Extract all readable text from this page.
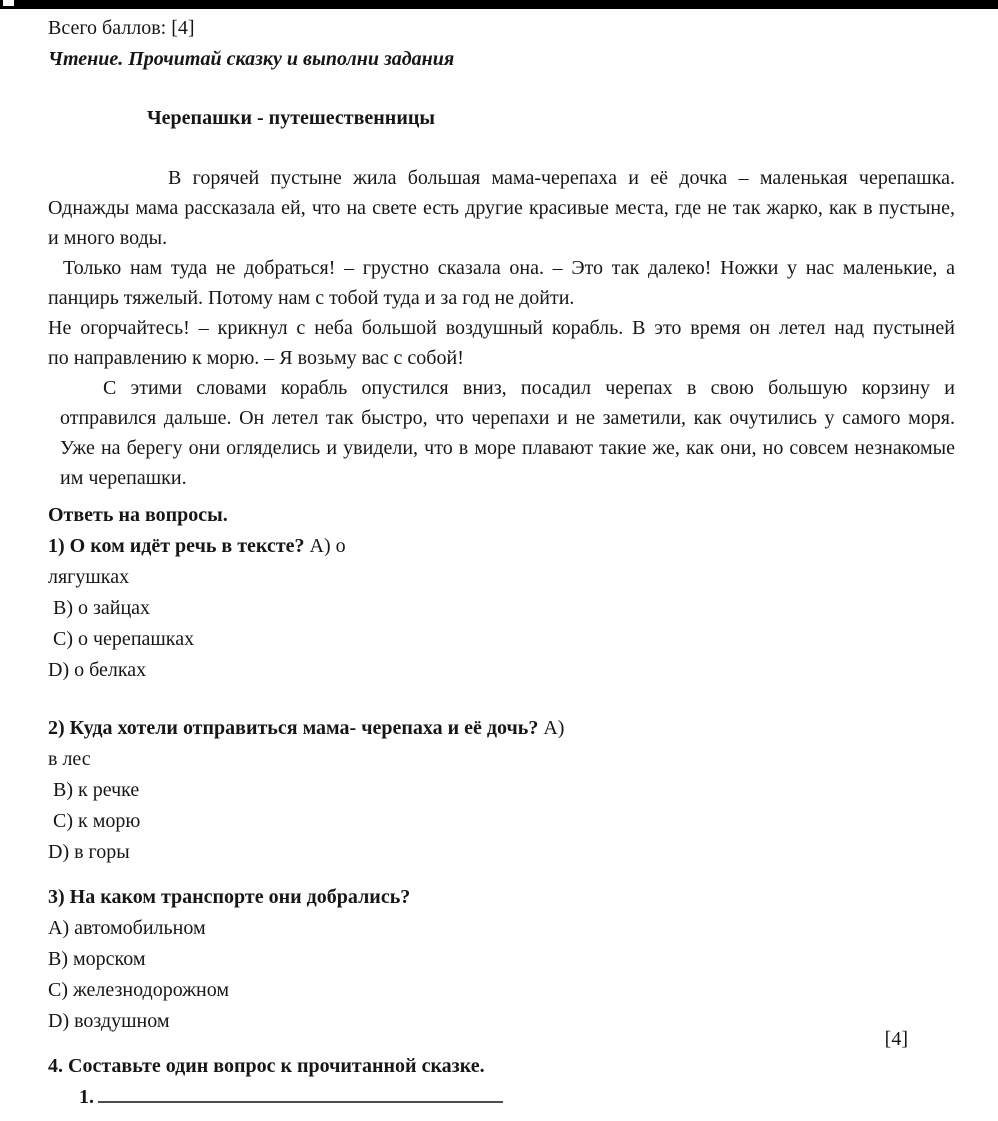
Всего баллов: [4]
Чтение. Прочитай сказку и выполни задания
Черепашки - путешественницы
В горячей пустыне жила большая мама-черепаха и её дочка – маленькая черепашка.
Однажды мама рассказала ей, что на свете есть другие красивые места, где не так жарко, как в пустыне,
и много воды.
Только нам туда не добраться! – грустно сказала она. – Это так далеко! Ножки у нас маленькие, а
панцирь тяжелый. Потому нам с тобой туда и за год не дойти.
Не огорчайтесь! – крикнул с неба большой воздушный корабль. В это время он летел над пустыней
по направлению к морю. – Я возьму вас с собой!
С этими словами корабль опустился вниз, посадил черепах в свою большую корзину и
отправился дальше. Он летел так быстро, что черепахи и не заметили, как очутились у самого моря.
Уже на берегу они огляделись и увидели, что в море плавают такие же, как они, но совсем незнакомые
им черепашки.
Ответь на вопросы.
1) О ком идёт речь в тексте? А) о
лягушках
В) о зайцах
С) о черепашках
D) о белках
2) Куда хотели отправиться мама- черепаха и её дочь? А)
в лес
В) к речке
С) к морю
D) в горы
3) На каком транспорте они добрались?
А) автомобильном
В) морском
С) железнодорожном
D) воздушном
[4]
4. Составьте один вопрос к прочитанной сказке.
1.
